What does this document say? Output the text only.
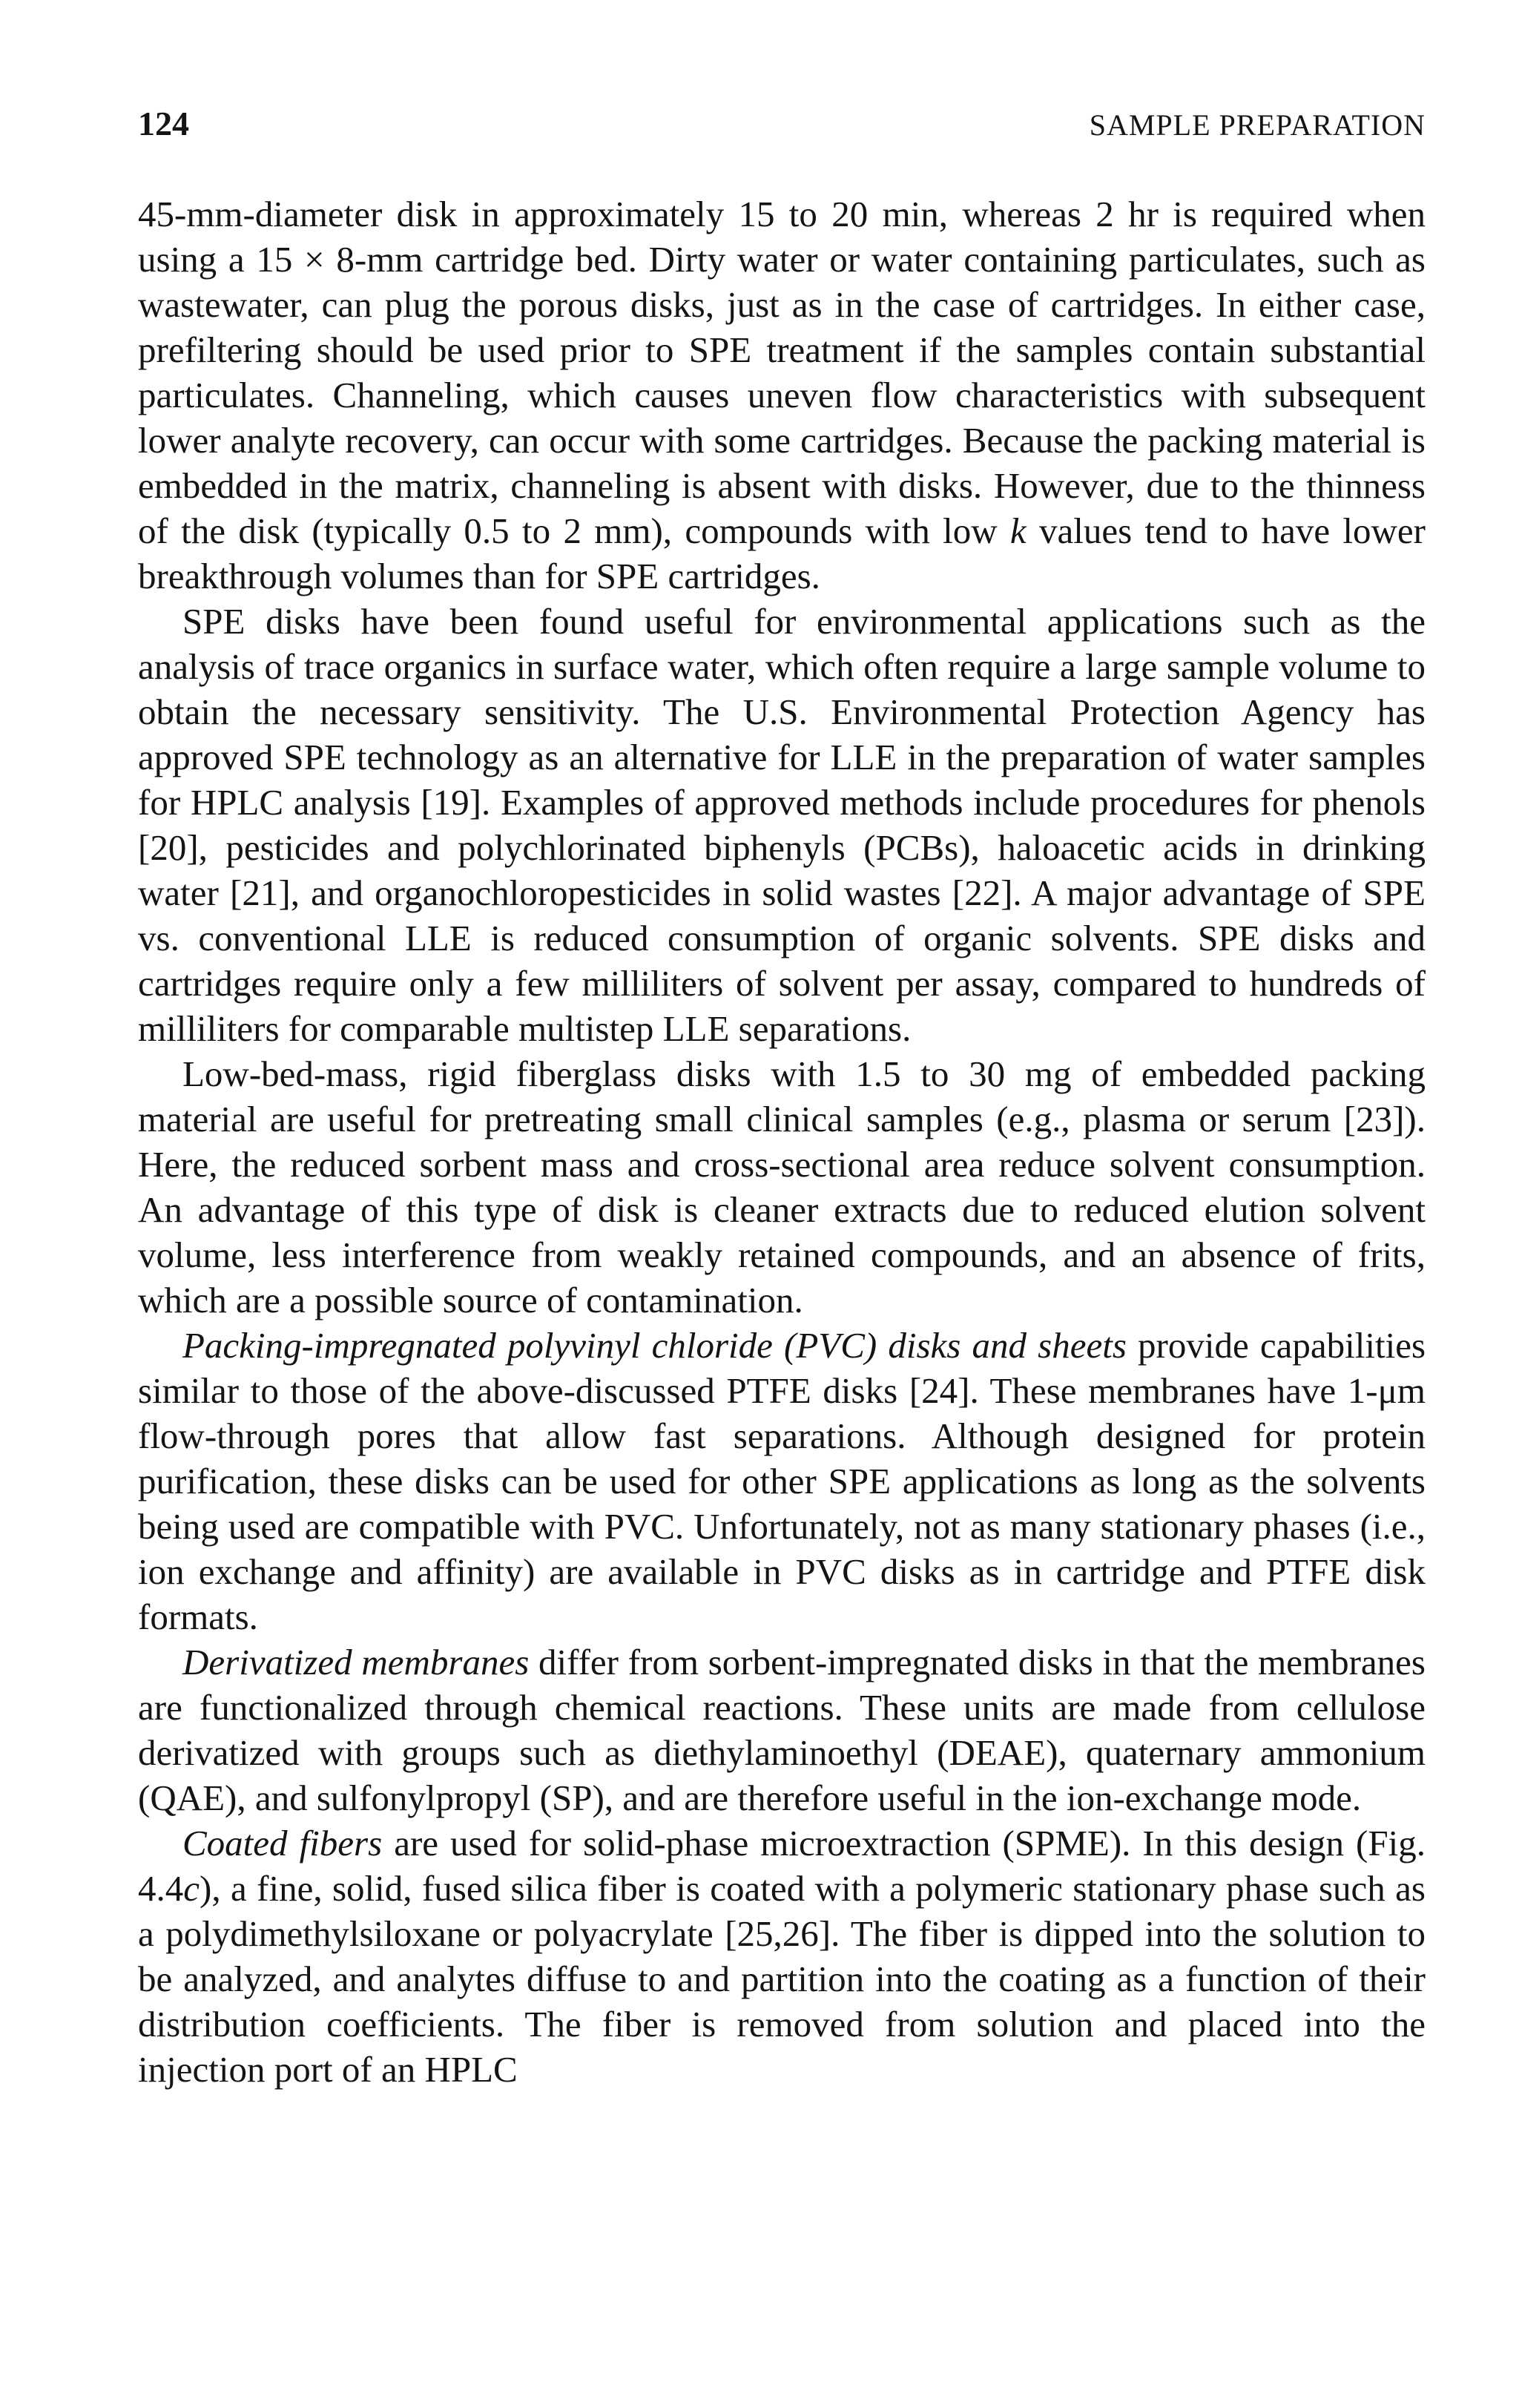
124	SAMPLE PREPARATION

45-mm-diameter disk in approximately 15 to 20 min, whereas 2 hr is required when using a 15 × 8-mm cartridge bed. Dirty water or water containing particulates, such as wastewater, can plug the porous disks, just as in the case of cartridges. In either case, prefiltering should be used prior to SPE treatment if the samples contain substantial particulates. Channeling, which causes uneven flow characteristics with subsequent lower analyte recovery, can occur with some cartridges. Because the packing material is embedded in the matrix, channeling is absent with disks. However, due to the thinness of the disk (typically 0.5 to 2 mm), compounds with low k values tend to have lower breakthrough volumes than for SPE cartridges.

SPE disks have been found useful for environmental applications such as the analysis of trace organics in surface water, which often require a large sample volume to obtain the necessary sensitivity. The U.S. Environmental Protection Agency has approved SPE technology as an alternative for LLE in the preparation of water samples for HPLC analysis [19]. Examples of approved methods include procedures for phenols [20], pesticides and polychlorinated biphenyls (PCBs), haloacetic acids in drinking water [21], and organochloropesticides in solid wastes [22]. A major advantage of SPE vs. conventional LLE is reduced consumption of organic solvents. SPE disks and cartridges require only a few milliliters of solvent per assay, compared to hundreds of milliliters for comparable multistep LLE separations.

Low-bed-mass, rigid fiberglass disks with 1.5 to 30 mg of embedded packing material are useful for pretreating small clinical samples (e.g., plasma or serum [23]). Here, the reduced sorbent mass and cross-sectional area reduce solvent consumption. An advantage of this type of disk is cleaner extracts due to reduced elution solvent volume, less interference from weakly retained compounds, and an absence of frits, which are a possible source of contamination.

Packing-impregnated polyvinyl chloride (PVC) disks and sheets provide capabilities similar to those of the above-discussed PTFE disks [24]. These membranes have 1-μm flow-through pores that allow fast separations. Although designed for protein purification, these disks can be used for other SPE applications as long as the solvents being used are compatible with PVC. Unfortunately, not as many stationary phases (i.e., ion exchange and affinity) are available in PVC disks as in cartridge and PTFE disk formats.

Derivatized membranes differ from sorbent-impregnated disks in that the membranes are functionalized through chemical reactions. These units are made from cellulose derivatized with groups such as diethylaminoethyl (DEAE), quaternary ammonium (QAE), and sulfonylpropyl (SP), and are therefore useful in the ion-exchange mode.

Coated fibers are used for solid-phase microextraction (SPME). In this design (Fig. 4.4c), a fine, solid, fused silica fiber is coated with a polymeric stationary phase such as a polydimethylsiloxane or polyacrylate [25,26]. The fiber is dipped into the solution to be analyzed, and analytes diffuse to and partition into the coating as a function of their distribution coefficients. The fiber is removed from solution and placed into the injection port of an HPLC
